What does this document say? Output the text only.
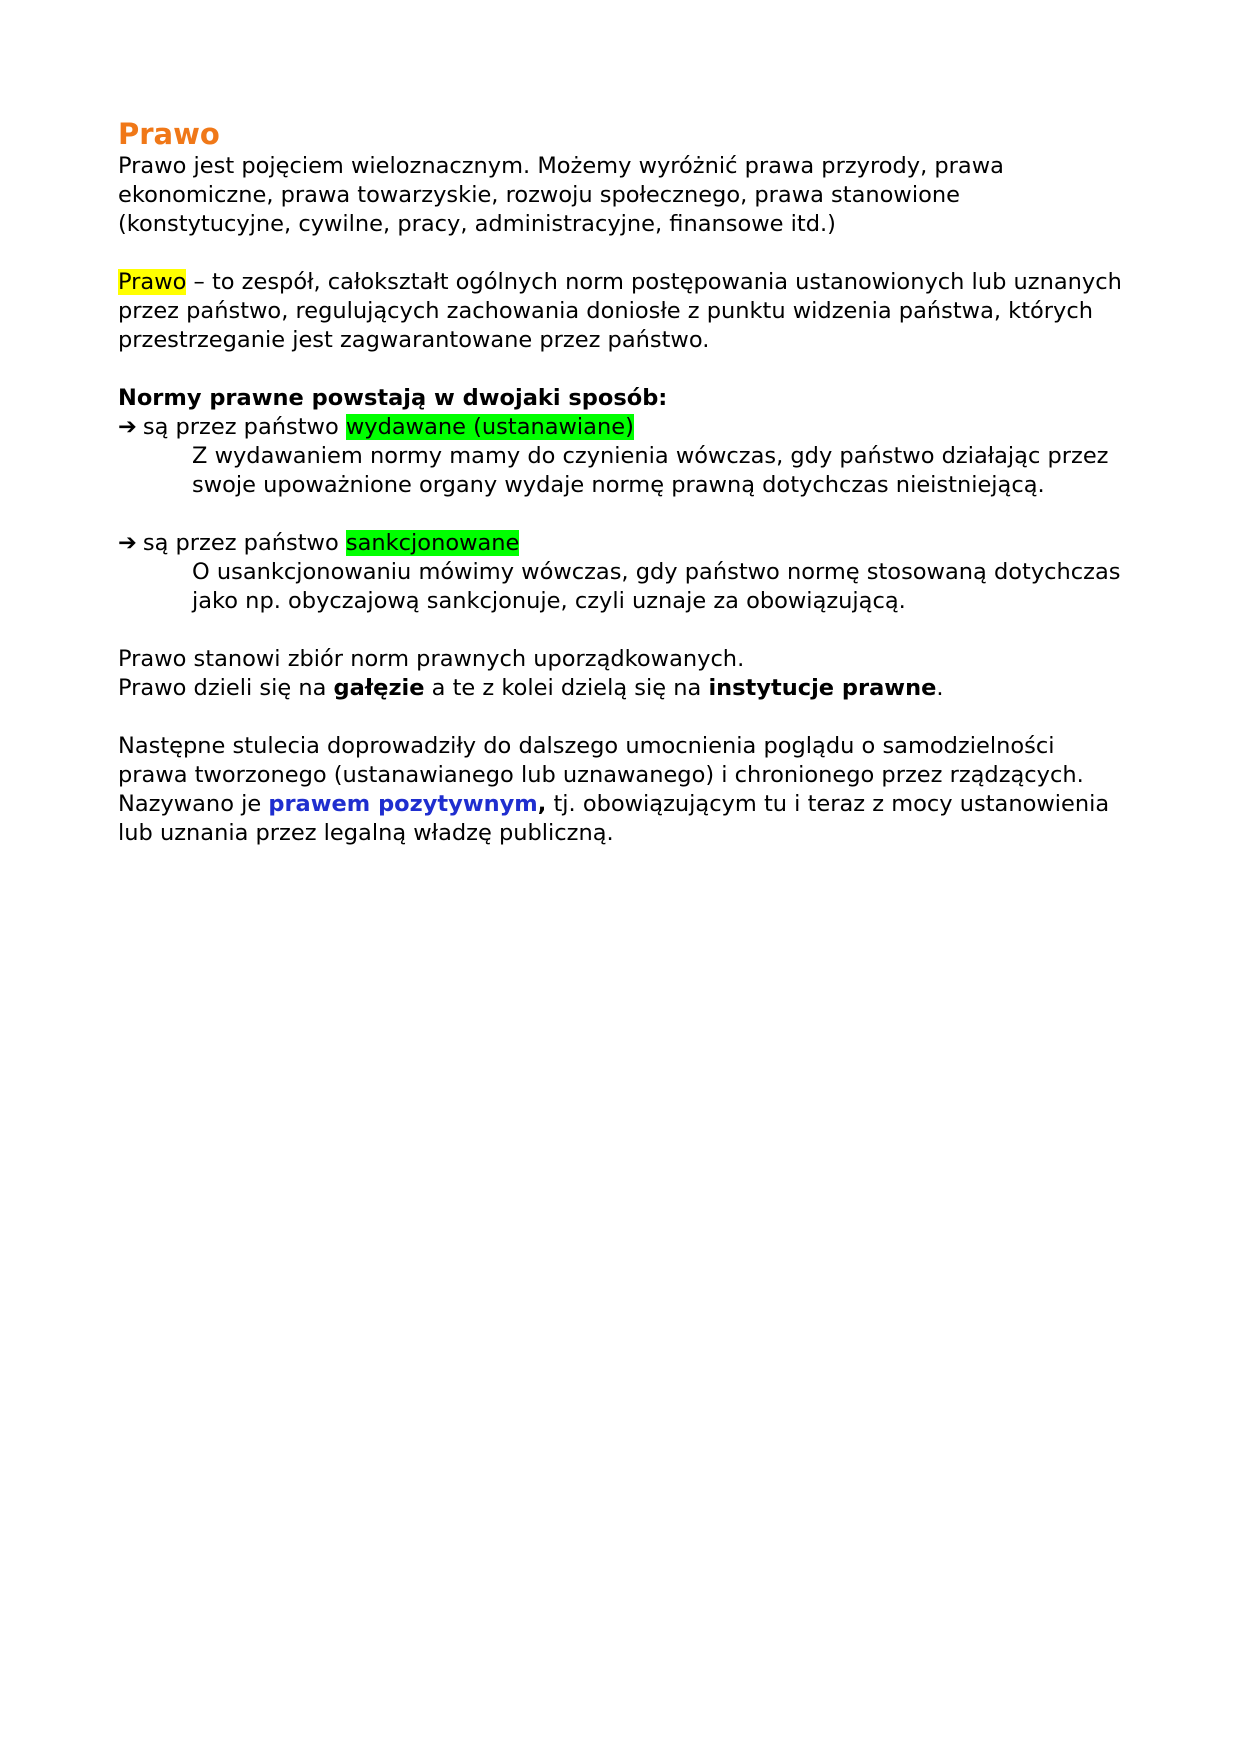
Prawo

Prawo jest pojęciem wieloznacznym. Możemy wyróżnić prawa przyrody, prawa ekonomiczne, prawa towarzyskie, rozwoju społecznego, prawa stanowione (konstytucyjne, cywilne, pracy, administracyjne, finansowe itd.)

Prawo – to zespół, całokształt ogólnych norm postępowania ustanowionych lub uznanych przez państwo, regulujących zachowania doniosłe z punktu widzenia państwa, których przestrzeganie jest zagwarantowane przez państwo.

Normy prawne powstają w dwojaki sposób:

➔ są przez państwo wydawane (ustanawiane)

Z wydawaniem normy mamy do czynienia wówczas, gdy państwo działając przez swoje upoważnione organy wydaje normę prawną dotychczas nieistniejącą.

➔ są przez państwo sankcjonowane

O usankcjonowaniu mówimy wówczas, gdy państwo normę stosowaną dotychczas jako np. obyczajową sankcjonuje, czyli uznaje za obowiązującą.

Prawo stanowi zbiór norm prawnych uporządkowanych.

Prawo dzieli się na gałęzie a te z kolei dzielą się na instytucje prawne.

Następne stulecia doprowadziły do dalszego umocnienia poglądu o samodzielności prawa tworzonego (ustanawianego lub uznawanego) i chronionego przez rządzących. Nazywano je prawem pozytywnym, tj. obowiązującym tu i teraz z mocy ustanowienia lub uznania przez legalną władzę publiczną.
